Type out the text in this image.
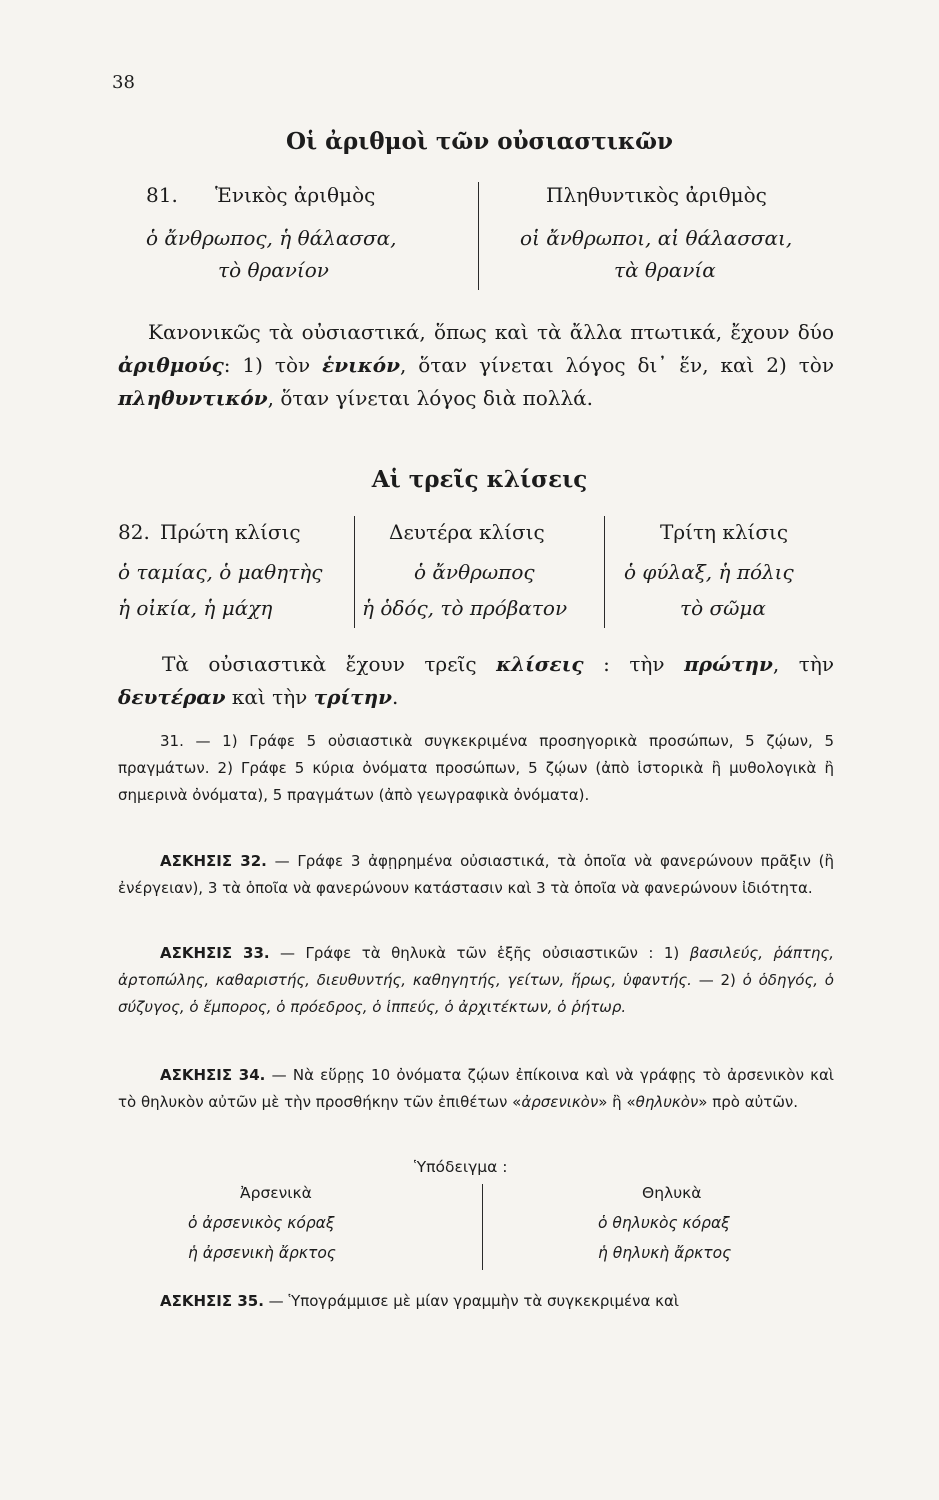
38
Οἱ ἀριθμοὶ τῶν οὐσιαστικῶν
81. Ἑνικὸς ἀριθμὸς
ὁ ἄνθρωπος, ἡ θάλασσα,
τὸ θρανίον
Πληθυντικὸς ἀριθμὸς
οἱ ἄνθρωποι, αἱ θάλασσαι,
τὰ θρανία

Κανονικῶς τὰ οὐσιαστικά, ὅπως καὶ τὰ ἄλλα πτωτικά, ἔχουν δύο ἀριθμούς: 1) τὸν ἑνικόν, ὅταν γίνεται λόγος δι᾽ ἕν, καὶ 2) τὸν πληθυντικόν, ὅταν γίνεται λόγος διὰ πολλά.

Αἱ τρεῖς κλίσεις
82. Πρώτη κλίσις
ὁ ταμίας, ὁ μαθητὴς
ἡ οἰκία, ἡ μάχη
Δευτέρα κλίσις
ὁ ἄνθρωπος
ἡ ὁδός, τὸ πρόβατον
Τρίτη κλίσις
ὁ φύλαξ, ἡ πόλις
τὸ σῶμα

Τὰ οὐσιαστικὰ ἔχουν τρεῖς κλίσεις : τὴν πρώτην, τὴν δευτέραν καὶ τὴν τρίτην.

31. — 1) Γράφε 5 οὐσιαστικὰ συγκεκριμένα προσηγορικὰ προσώπων, 5 ζῴων, 5 πραγμάτων. 2) Γράφε 5 κύρια ὀνόματα προσώπων, 5 ζῴων (ἀπὸ ἱστορικὰ ἢ μυθολογικὰ ἢ σημερινὰ ὀνόματα), 5 πραγμάτων (ἀπὸ γεωγραφικὰ ὀνόματα).

ΑΣΚΗΣΙΣ 32. — Γράφε 3 ἀφῃρημένα οὐσιαστικά, τὰ ὁποῖα νὰ φανερώνουν πρᾶξιν (ἢ ἐνέργειαν), 3 τὰ ὁποῖα νὰ φανερώνουν κατάστασιν καὶ 3 τὰ ὁποῖα νὰ φανερώνουν ἰδιότητα.

ΑΣΚΗΣΙΣ 33. — Γράφε τὰ θηλυκὰ τῶν ἑξῆς οὐσιαστικῶν : 1) βασιλεύς, ῥάπτης, ἀρτοπώλης, καθαριστής, διευθυντής, καθηγητής, γείτων, ἥρως, ὑφαντής. — 2) ὁ ὁδηγός, ὁ σύζυγος, ὁ ἔμπορος, ὁ πρόεδρος, ὁ ἱππεύς, ὁ ἀρχιτέκτων, ὁ ῥήτωρ.

ΑΣΚΗΣΙΣ 34. — Νὰ εὕρῃς 10 ὀνόματα ζῴων ἐπίκοινα καὶ νὰ γράφῃς τὸ ἀρσενικὸν καὶ τὸ θηλυκὸν αὐτῶν μὲ τὴν προσθήκην τῶν ἐπιθέτων «ἀρσενικὸν» ἢ «θηλυκὸν» πρὸ αὐτῶν.

Ὑπόδειγμα :
Ἀρσενικὰ
ὁ ἀρσενικὸς κόραξ
ἡ ἀρσενικὴ ἄρκτος
Θηλυκὰ
ὁ θηλυκὸς κόραξ
ἡ θηλυκὴ ἄρκτος

ΑΣΚΗΣΙΣ 35. — Ὑπογράμμισε μὲ μίαν γραμμὴν τὰ συγκεκριμένα καὶ
